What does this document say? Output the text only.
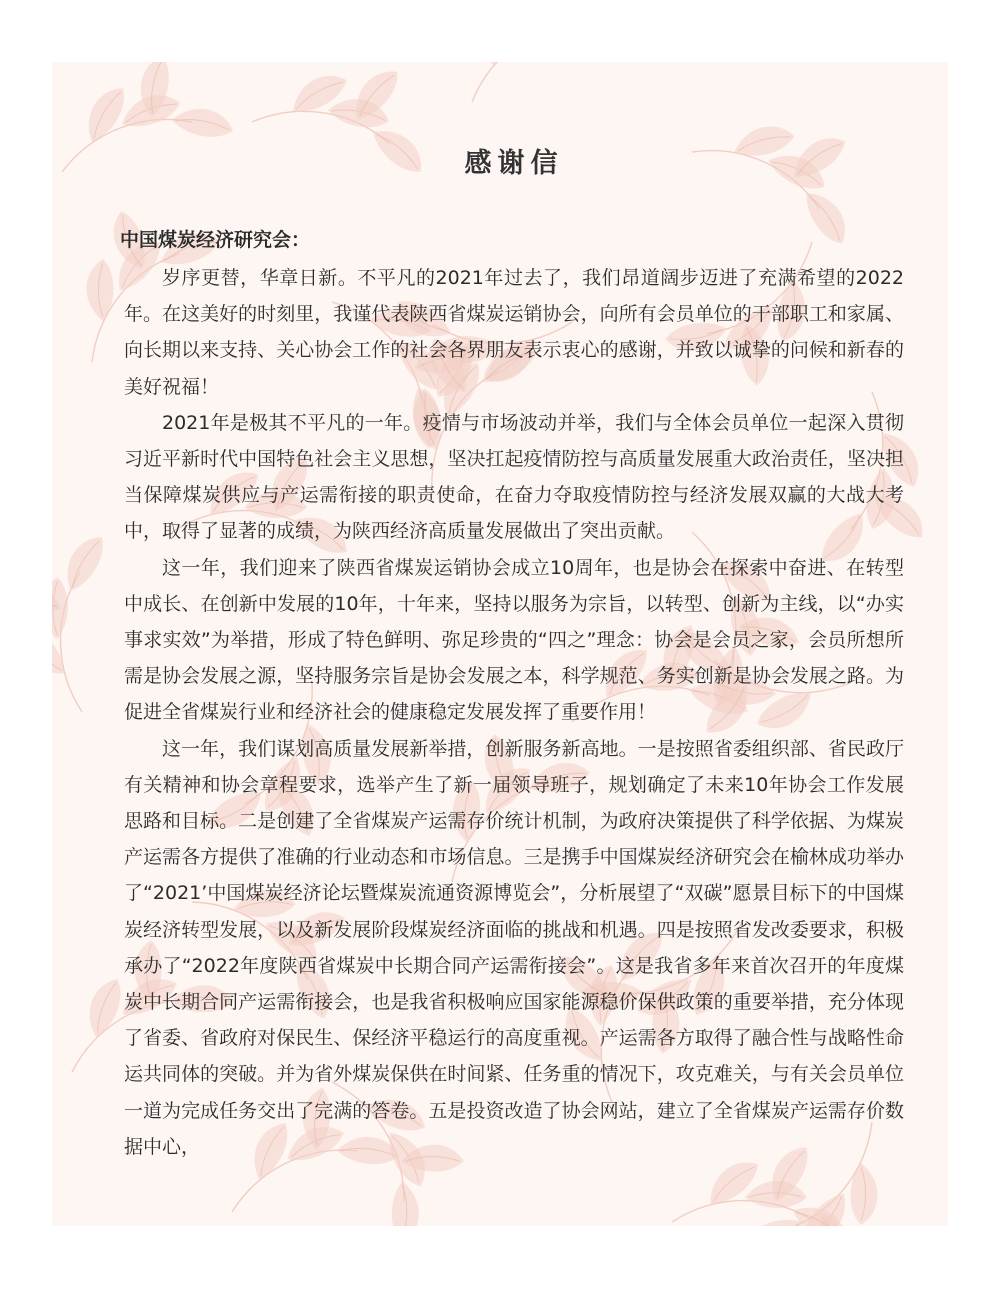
感谢信
中国煤炭经济研究会：

岁序更替，华章日新。不平凡的2021年过去了，我们昂道阔步迈进了充满希望的2022年。在这美好的时刻里，我谨代表陕西省煤炭运销协会，向所有会员单位的干部职工和家属、向长期以来支持、关心协会工作的社会各界朋友表示衷心的感谢，并致以诚挚的问候和新春的美好祝福！

2021年是极其不平凡的一年。疫情与市场波动并举，我们与全体会员单位一起深入贯彻习近平新时代中国特色社会主义思想，坚决扛起疫情防控与高质量发展重大政治责任，坚决担当保障煤炭供应与产运需衔接的职责使命，在奋力夺取疫情防控与经济发展双赢的大战大考中，取得了显著的成绩，为陕西经济高质量发展做出了突出贡献。

这一年，我们迎来了陕西省煤炭运销协会成立10周年，也是协会在探索中奋进、在转型中成长、在创新中发展的10年，十年来，坚持以服务为宗旨，以转型、创新为主线，以“办实事求实效”为举措，形成了特色鲜明、弥足珍贵的“四之”理念：协会是会员之家，会员所想所需是协会发展之源，坚持服务宗旨是协会发展之本，科学规范、务实创新是协会发展之路。为促进全省煤炭行业和经济社会的健康稳定发展发挥了重要作用！

这一年，我们谋划高质量发展新举措，创新服务新高地。一是按照省委组织部、省民政厅有关精神和协会章程要求，选举产生了新一届领导班子，规划确定了未来10年协会工作发展思路和目标。二是创建了全省煤炭产运需存价统计机制，为政府决策提供了科学依据、为煤炭产运需各方提供了准确的行业动态和市场信息。三是携手中国煤炭经济研究会在榆林成功举办了“2021’中国煤炭经济论坛暨煤炭流通资源博览会”，分析展望了“双碳”愿景目标下的中国煤炭经济转型发展，以及新发展阶段煤炭经济面临的挑战和机遇。四是按照省发改委要求，积极承办了“2022年度陕西省煤炭中长期合同产运需衔接会”。这是我省多年来首次召开的年度煤炭中长期合同产运需衔接会，也是我省积极响应国家能源稳价保供政策的重要举措，充分体现了省委、省政府对保民生、保经济平稳运行的高度重视。产运需各方取得了融合性与战略性命运共同体的突破。并为省外煤炭保供在时间紧、任务重的情况下，攻克难关，与有关会员单位一道为完成任务交出了完满的答卷。五是投资改造了协会网站，建立了全省煤炭产运需存价数据中心，
